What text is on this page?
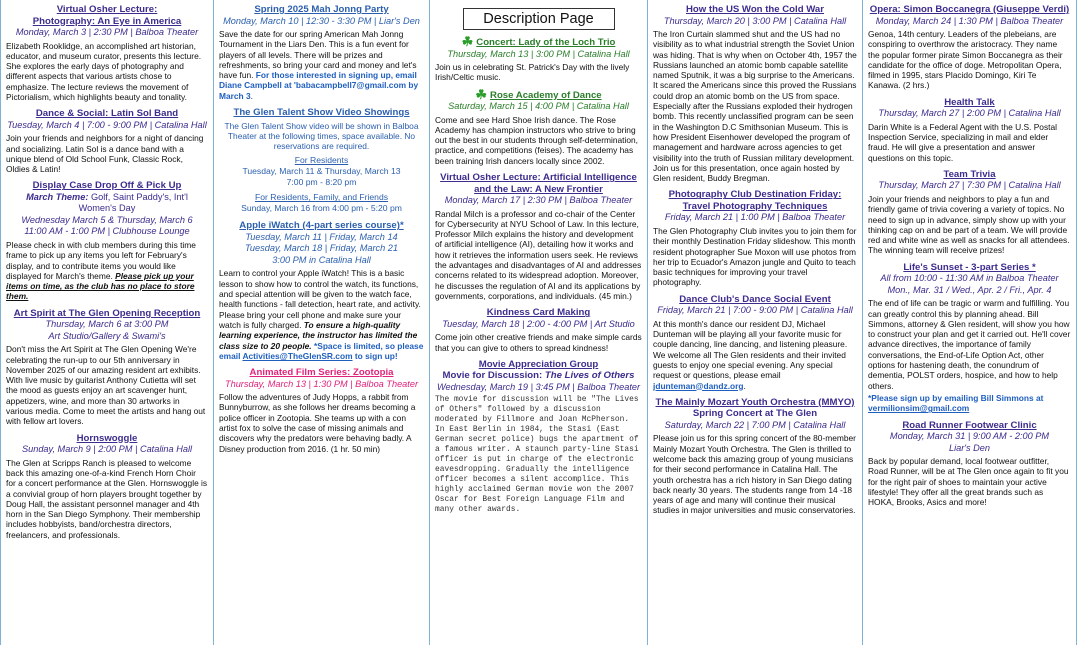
Virtual Osher Lecture:
Photography: An Eye in America
Monday, March 3 | 2:30 PM | Balboa Theater
Elizabeth Rooklidge, an accomplished art historian, educator, and museum curator, presents this lecture. She explores the early days of photography and different aspects that various artists chose to emphasize. The lecture reviews the movement of Pictorialism, which highlights beauty and tonality.
Dance & Social: Latin Sol Band
Tuesday, March 4 | 7:00 - 9:00 PM | Catalina Hall
Join your friends and neighbors for a night of dancing and socializing. Latin Sol is a dance band with a unique blend of Old School Funk, Classic Rock, Oldies & Latin!
Display Case Drop Off & Pick Up
March Theme: Golf, Saint Paddy's, Int'l Women's Day
Wednesday March 5 & Thursday, March 6
11:00 AM - 1:00 PM | Clubhouse Lounge
Please check in with club members during this time frame to pick up any items you left for February's display, and to contribute items you would like displayed for March's theme. Please pick up your items on time, as the club has no place to store them.
Art Spirit at The Glen Opening Reception
Thursday, March 6 at 3:00 PM
Art Studio/Gallery & Swami's
Don't miss the Art Spirit at The Glen Opening We're celebrating the run-up to our 5th anniversary in November 2025 of our amazing resident art exhibits. With live music by guitarist Anthony Cutietta will set the mood as guests enjoy an art scavenger hunt, appetizers, wine, and more than 30 artworks in various media. Come to meet the artists and hang out with fellow art lovers.
Hornswoggle
Sunday, March 9 | 2:00 PM | Catalina Hall
The Glen at Scripps Ranch is pleased to welcome back this amazing one-of-a-kind French Horn Choir for a concert performance at the Glen. Hornswoggle is a convivial group of horn players brought together by Doug Hall, the assistant personnel manager and 4th horn in the San Diego Symphony. Their membership includes hobbyists, band/orchestra directors, freelancers, and professionals.
Spring 2025 Mah Jonng Party
Monday, March 10 | 12:30 - 3:30 PM | Liar's Den
Save the date for our spring American Mah Jonng Tournament in the Liars Den. This is a fun event for players of all levels. There will be prizes and refreshments, so bring your card and money and let's have fun. For those interested in signing up, email Diane Campbell at 'babacampbell7@gmail.com by March 3.
The Glen Talent Show Video Showings
The Glen Talent Show video will be shown in Balboa Theater at the following times, space available. No reservations are required.
For Residents
Tuesday, March 11 & Thursday, March 13
7:00 pm - 8:20 pm
For Residents, Family, and Friends
Sunday, March 16 from 4:00 pm - 5:20 pm
Apple iWatch (4-part series course)*
Tuesday, March 11 | Friday, March 14
Tuesday, March 18 | Friday, March 21
3:00 PM in Catalina Hall
Learn to control your Apple iWatch! This is a basic lesson to show how to control the watch, its functions, and special attention will be given to the watch face, health functions - fall detection, heart rate, and activity. Please bring your cell phone and make sure your watch is fully charged. To ensure a high-quality learning experience, the instructor has limited the class size to 20 people. *Space is limited, so please email Activities@TheGlenSR.com to sign up!
Animated Film Series: Zootopia
Thursday, March 13 | 1:30 PM | Balboa Theater
Follow the adventures of Judy Hopps, a rabbit from Bunnyburrow, as she follows her dreams becoming a police officer in Zootopia. She teams up with a con artist fox to solve the case of missing animals and discovers why the predators were behaving badly. A Disney production from 2016. (1 hr. 50 min)
Description Page
☘ Concert: Lady of the Loch Trio
Thursday, March 13 | 3:00 PM | Catalina Hall
Join us in celebrating St. Patrick's Day with the lively Irish/Celtic music.
☘ Rose Academy of Dance
Saturday, March 15 | 4:00 PM | Catalina Hall
Come and see Hard Shoe Irish dance. The Rose Academy has champion instructors who strive to bring out the best in our students through self-determination, practice, and competitions (feises). The academy has been training Irish dancers locally since 2002.
Virtual Osher Lecture: Artificial Intelligence
and the Law: A New Frontier
Monday, March 17 | 2:30 PM | Balboa Theater
Randal Milch is a professor and co-chair of the Center for Cybersecurity at NYU School of Law. In this lecture, Professor Milch explains the history and development of artificial intelligence (AI), detailing how it works and how it retrieves the information users seek. He reviews the advantages and disadvantages of AI and addresses concerns related to its widespread adoption. Moreover, he discusses the regulation of AI and its applications by governments, corporations, and individuals. (45 min.)
Kindness Card Making
Tuesday, March 18 | 2:00 - 4:00 PM | Art Studio
Come join other creative friends and make simple cards that you can give to others to spread kindness!
Movie Appreciation Group
Movie for Discussion: The Lives of Others
Wednesday, March 19 | 3:45 PM | Balboa Theater
The movie for discussion will be "The Lives of Others" followed by a discussion moderated by Fillmore and Joan McPherson. In East Berlin in 1984, the Stasi (East German secret police) bugs the apartment of a famous writer. A staunch party-line Stasi officer is put in charge of the electronic eavesdropping. Gradually the intelligence officer becomes a silent accomplice. This highly acclaimed German movie won the 2007 Oscar for Best Foreign Language Film and many other awards.
How the US Won the Cold War
Thursday, March 20 | 3:00 PM | Catalina Hall
The Iron Curtain slammed shut and the US had no visibility as to what industrial strength the Soviet Union was hiding. That is why when on October 4th, 1957 the Russians launched an atomic bomb capable satellite named Sputnik, it was a big surprise to the Americans. It scared the Americans since this proved the Russians could drop an atomic bomb on the US from space. Especially after the Russians exploded their hydrogen bomb. This recently unclassified program can be seen in the Washington D.C Smithsonian Museum. This is how President Eisenhower developed the program of management and hardware across agencies to get visibility into the truth of Russian military development. Join us for this presentation, once again hosted by Glen resident, Buddy Bregman.
Photography Club Destination Friday:
Travel Photography Techniques
Friday, March 21 | 1:00 PM | Balboa Theater
The Glen Photography Club invites you to join them for their monthly Destination Friday slideshow. This month resident photographer Sue Moxon will use photos from her trip to Ecuador's Amazon jungle and Quito to teach basic techniques for improving your travel photography.
Dance Club's Dance Social Event
Friday, March 21 | 7:00 - 9:00 PM | Catalina Hall
At this month's dance our resident DJ, Michael Dunteman will be playing all your favorite music for couple dancing, line dancing, and listening pleasure. We welcome all The Glen residents and their invited guests to enjoy one special evening. Any special request or questions, please email jdunteman@dandz.org.
The Mainly Mozart Youth Orchestra (MMYO)
Spring Concert at The Glen
Saturday, March 22 | 7:00 PM | Catalina Hall
Please join us for this spring concert of the 80-member Mainly Mozart Youth Orchestra. The Glen is thrilled to welcome back this amazing group of young musicians for their second performance in Catalina Hall. The youth orchestra has a rich history in San Diego dating back nearly 30 years. The students range from 14 -18 years of age and many will continue their musical studies in major universities and music conservatories.
Opera: Simon Boccanegra (Giuseppe Verdi)
Monday, March 24 | 1:30 PM | Balboa Theater
Genoa, 14th century. Leaders of the plebeians, are conspiring to overthrow the aristocracy. They name the popular former pirate Simon Boccanegra as their candidate for the office of doge. Metropolitan Opera, filmed in 1995, stars Placido Domingo, Kiri Te Kanawa. (2 hrs.)
Health Talk
Thursday, March 27 | 2:00 PM | Catalina Hall
Darin White is a Federal Agent with the U.S. Postal Inspection Service, specializing in mail and elder fraud. He will give a presentation and answer questions on this topic.
Team Trivia
Thursday, March 27 | 7:30 PM | Catalina Hall
Join your friends and neighbors to play a fun and friendly game of trivia covering a variety of topics. No need to sign up in advance, simply show up with your thinking cap on and be part of a team. We will provide red and white wine as well as snacks for all attendees. The winning team will receive prizes!
Life's Sunset - 3-part Series *
All from 10:00 - 11:30 AM in Balboa Theater
Mon., Mar. 31 / Wed., Apr. 2 / Fri., Apr. 4
The end of life can be tragic or warm and fulfilling. You can greatly control this by planning ahead. Bill Simmons, attorney & Glen resident, will show you how to construct your plan and get it carried out. He'll cover advance directives, the importance of family conversations, the End-of-Life Option Act, other options for hastening death, the conundrum of dementia, POLST orders, hospice, and how to help others.
*Please sign up by emailing Bill Simmons at vermilionsim@gmail.com
Road Runner Footwear Clinic
Monday, March 31 | 9:00 AM - 2:00 PM
Liar's Den
Back by popular demand, local footwear outfitter, Road Runner, will be at The Glen once again to fit you for the right pair of shoes to maintain your active lifestyle! They offer all the great brands such as HOKA, Brooks, Asics and more!
